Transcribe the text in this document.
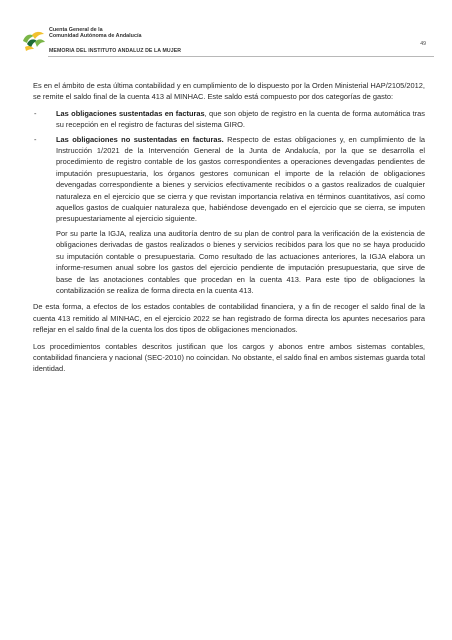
Cuenta General de la
Comunidad Autónoma de Andalucía
49
MEMORIA DEL INSTITUTO ANDALUZ DE LA MUJER

Es en el ámbito de esta última contabilidad y en cumplimiento de lo dispuesto por la Orden Ministerial HAP/2105/2012, se remite el saldo final de la cuenta 413 al MINHAC. Este saldo está compuesto por dos categorías de gasto:

-	Las obligaciones sustentadas en facturas, que son objeto de registro en la cuenta de forma automática tras su recepción en el registro de facturas del sistema GIRO.

-	Las obligaciones no sustentadas en facturas. Respecto de estas obligaciones y, en cumplimiento de la Instrucción 1/2021 de la Intervención General de la Junta de Andalucía, por la que se desarrolla el procedimiento de registro contable de los gastos correspondientes a operaciones devengadas pendientes de imputación presupuestaria, los órganos gestores comunican el importe de la relación de obligaciones devengadas correspondiente a bienes y servicios efectivamente recibidos o a gastos realizados de cualquier naturaleza en el ejercicio que se cierra y que revistan importancia relativa en términos cuantitativos, así como aquellos gastos de cualquier naturaleza que, habiéndose devengado en el ejercicio que se cierra, se imputen presupuestariamente al ejercicio siguiente.

Por su parte la IGJA, realiza una auditoría dentro de su plan de control para la verificación de la existencia de obligaciones derivadas de gastos realizados o bienes y servicios recibidos para los que no se haya producido su imputación contable o presupuestaria. Como resultado de las actuaciones anteriores, la IGJA elabora un informe-resumen anual sobre los gastos del ejercicio pendiente de imputación presupuestaria, que sirve de base de las anotaciones contables que procedan en la cuenta 413. Para este tipo de obligaciones la contabilización se realiza de forma directa en la cuenta 413.

De esta forma, a efectos de los estados contables de contabilidad financiera, y a fin de recoger el saldo final de la cuenta 413 remitido al MINHAC, en el ejercicio 2022 se han registrado de forma directa los apuntes necesarios para reflejar en el saldo final de la cuenta los dos tipos de obligaciones mencionados.

Los procedimientos contables descritos justifican que los cargos y abonos entre ambos sistemas contables, contabilidad financiera y nacional (SEC-2010) no coincidan. No obstante, el saldo final en ambos sistemas guarda total identidad.
